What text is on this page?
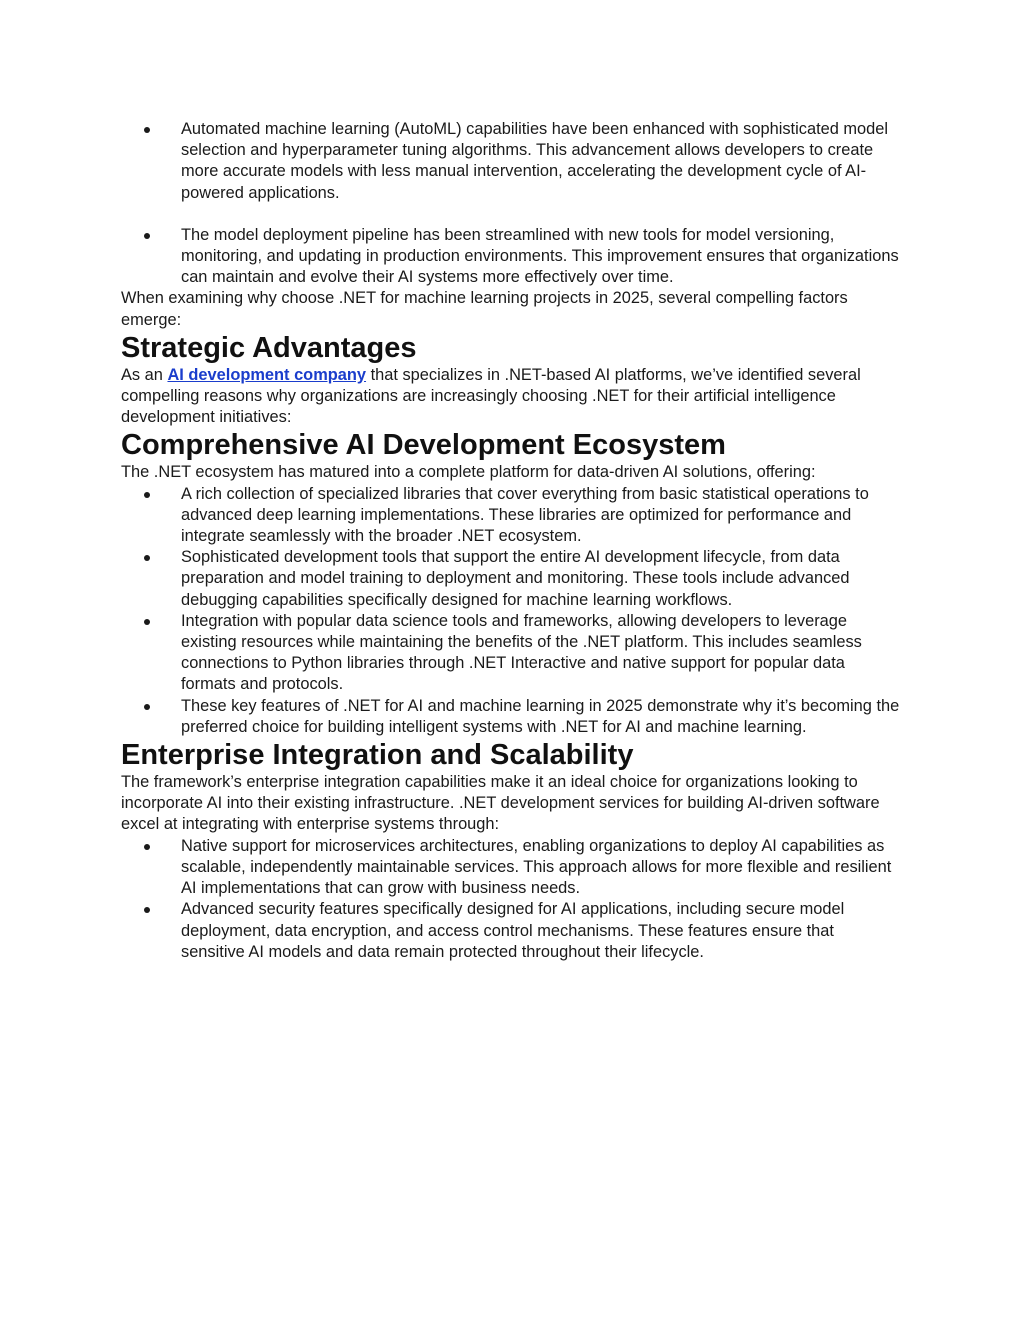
Automated machine learning (AutoML) capabilities have been enhanced with sophisticated model selection and hyperparameter tuning algorithms. This advancement allows developers to create more accurate models with less manual intervention, accelerating the development cycle of AI-powered applications.
The model deployment pipeline has been streamlined with new tools for model versioning, monitoring, and updating in production environments. This improvement ensures that organizations can maintain and evolve their AI systems more effectively over time.

When examining why choose .NET for machine learning projects in 2025, several compelling factors emerge:

Strategic Advantages

As an AI development company that specializes in .NET-based AI platforms, we’ve identified several compelling reasons why organizations are increasingly choosing .NET for their artificial intelligence development initiatives:

Comprehensive AI Development Ecosystem

The .NET ecosystem has matured into a complete platform for data-driven AI solutions, offering:

A rich collection of specialized libraries that cover everything from basic statistical operations to advanced deep learning implementations. These libraries are optimized for performance and integrate seamlessly with the broader .NET ecosystem.
Sophisticated development tools that support the entire AI development lifecycle, from data preparation and model training to deployment and monitoring. These tools include advanced debugging capabilities specifically designed for machine learning workflows.
Integration with popular data science tools and frameworks, allowing developers to leverage existing resources while maintaining the benefits of the .NET platform. This includes seamless connections to Python libraries through .NET Interactive and native support for popular data formats and protocols.
These key features of .NET for AI and machine learning in 2025 demonstrate why it’s becoming the preferred choice for building intelligent systems with .NET for AI and machine learning.
Enterprise Integration and Scalability

The framework’s enterprise integration capabilities make it an ideal choice for organizations looking to incorporate AI into their existing infrastructure. .NET development services for building AI-driven software excel at integrating with enterprise systems through:

Native support for microservices architectures, enabling organizations to deploy AI capabilities as scalable, independently maintainable services. This approach allows for more flexible and resilient AI implementations that can grow with business needs.
Advanced security features specifically designed for AI applications, including secure model deployment, data encryption, and access control mechanisms. These features ensure that sensitive AI models and data remain protected throughout their lifecycle.
